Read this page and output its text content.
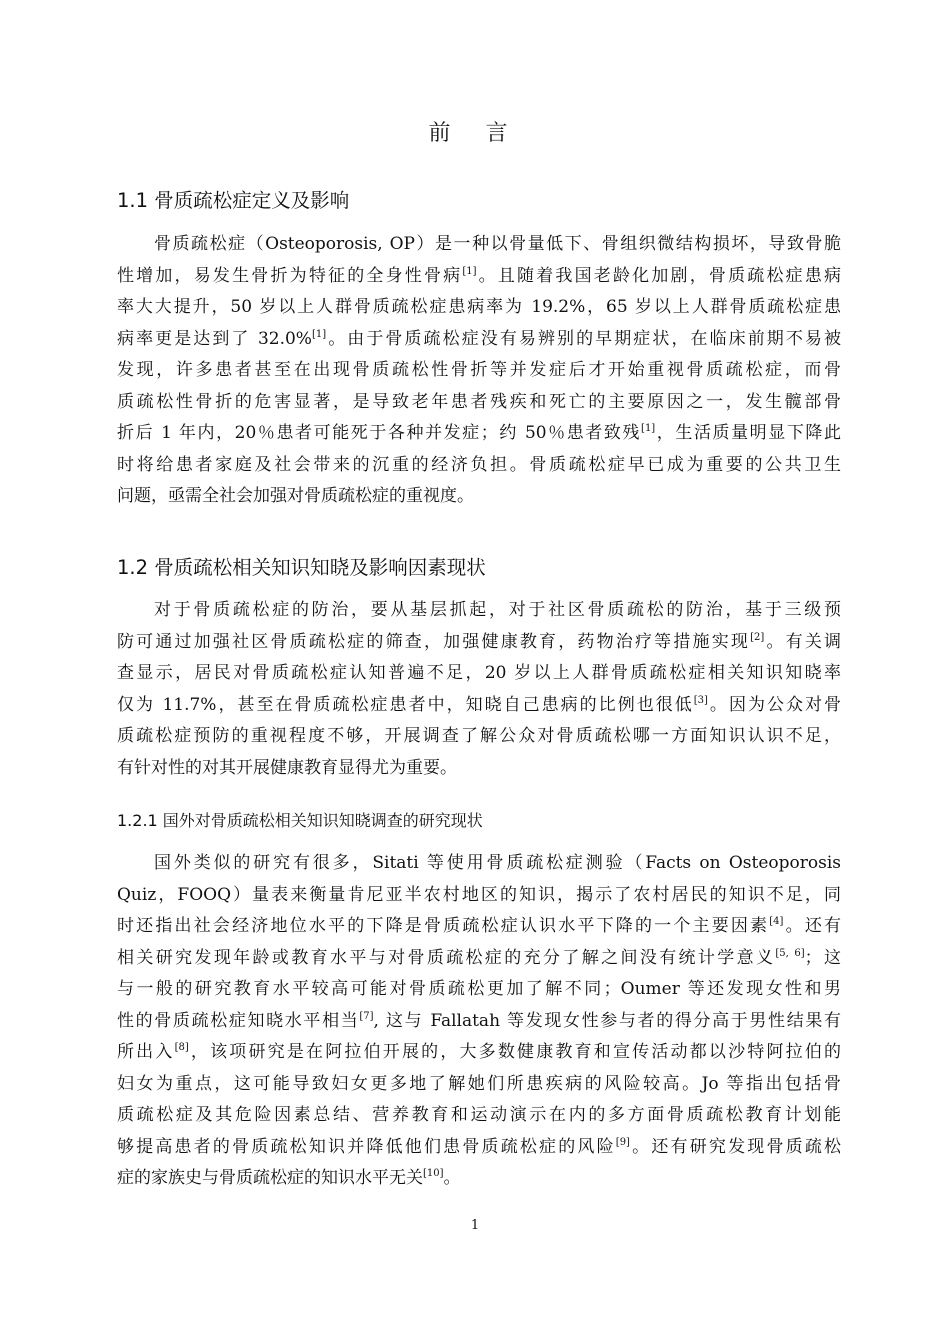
前 言
1.1 骨质疏松症定义及影响
骨质疏松症（Osteoporosis, OP）是一种以骨量低下、骨组织微结构损坏，导致骨脆
性增加，易发生骨折为特征的全身性骨病[1]。且随着我国老龄化加剧，骨质疏松症患病
率大大提升，50 岁以上人群骨质疏松症患病率为 19.2%，65 岁以上人群骨质疏松症患
病率更是达到了 32.0%[1]。由于骨质疏松症没有易辨别的早期症状，在临床前期不易被
发现，许多患者甚至在出现骨质疏松性骨折等并发症后才开始重视骨质疏松症，而骨
质疏松性骨折的危害显著，是导致老年患者残疾和死亡的主要原因之一，发生髋部骨
折后 1 年内，20％患者可能死于各种并发症；约 50％患者致残[1]，生活质量明显下降此
时将给患者家庭及社会带来的沉重的经济负担。骨质疏松症早已成为重要的公共卫生
问题，亟需全社会加强对骨质疏松症的重视度。
1.2 骨质疏松相关知识知晓及影响因素现状
对于骨质疏松症的防治，要从基层抓起，对于社区骨质疏松的防治，基于三级预
防可通过加强社区骨质疏松症的筛查，加强健康教育，药物治疗等措施实现[2]。有关调
查显示，居民对骨质疏松症认知普遍不足，20 岁以上人群骨质疏松症相关知识知晓率
仅为 11.7%，甚至在骨质疏松症患者中，知晓自己患病的比例也很低[3]。因为公众对骨
质疏松症预防的重视程度不够，开展调查了解公众对骨质疏松哪一方面知识认识不足，
有针对性的对其开展健康教育显得尤为重要。
1.2.1 国外对骨质疏松相关知识知晓调查的研究现状
国外类似的研究有很多，Sitati 等使用骨质疏松症测验（Facts on Osteoporosis
Quiz，FOOQ）量表来衡量肯尼亚半农村地区的知识，揭示了农村居民的知识不足，同
时还指出社会经济地位水平的下降是骨质疏松症认识水平下降的一个主要因素[4]。还有
相关研究发现年龄或教育水平与对骨质疏松症的充分了解之间没有统计学意义[5, 6]；这
与一般的研究教育水平较高可能对骨质疏松更加了解不同；Oumer 等还发现女性和男
性的骨质疏松症知晓水平相当[7], 这与 Fallatah 等发现女性参与者的得分高于男性结果有
所出入[8]，该项研究是在阿拉伯开展的，大多数健康教育和宣传活动都以沙特阿拉伯的
妇女为重点，这可能导致妇女更多地了解她们所患疾病的风险较高。Jo 等指出包括骨
质疏松症及其危险因素总结、营养教育和运动演示在内的多方面骨质疏松教育计划能
够提高患者的骨质疏松知识并降低他们患骨质疏松症的风险[9]。还有研究发现骨质疏松
症的家族史与骨质疏松症的知识水平无关[10]。
1
